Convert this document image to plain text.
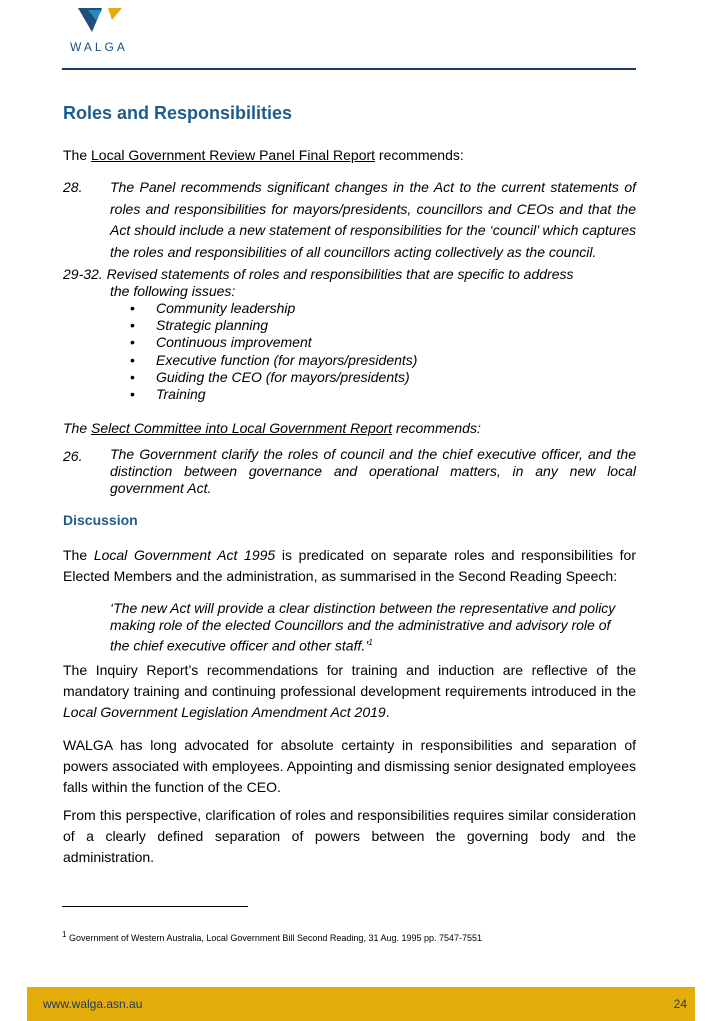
WALGA
Roles and Responsibilities
The Local Government Review Panel Final Report recommends:
28. The Panel recommends significant changes in the Act to the current statements of roles and responsibilities for mayors/presidents, councillors and CEOs and that the Act should include a new statement of responsibilities for the ‘council’ which captures the roles and responsibilities of all councillors acting collectively as the council.
29-32. Revised statements of roles and responsibilities that are specific to address
the following issues:
• Community leadership
• Strategic planning
• Continuous improvement
• Executive function (for mayors/presidents)
• Guiding the CEO (for mayors/presidents)
• Training
The Select Committee into Local Government Report recommends:
26. The Government clarify the roles of council and the chief executive officer, and the distinction between governance and operational matters, in any new local government Act.
Discussion
The Local Government Act 1995 is predicated on separate roles and responsibilities for Elected Members and the administration, as summarised in the Second Reading Speech:
‘The new Act will provide a clear distinction between the representative and policy making role of the elected Councillors and the administrative and advisory role of the chief executive officer and other staff.’$^1$
The Inquiry Report’s recommendations for training and induction are reflective of the mandatory training and continuing professional development requirements introduced in the Local Government Legislation Amendment Act 2019.
WALGA has long advocated for absolute certainty in responsibilities and separation of powers associated with employees. Appointing and dismissing senior designated employees falls within the function of the CEO.
From this perspective, clarification of roles and responsibilities requires similar consideration of a clearly defined separation of powers between the governing body and the administration.
$^1$ Government of Western Australia, Local Government Bill Second Reading, 31 Aug. 1995 pp. 7547-7551
www.walga.asn.au	24
